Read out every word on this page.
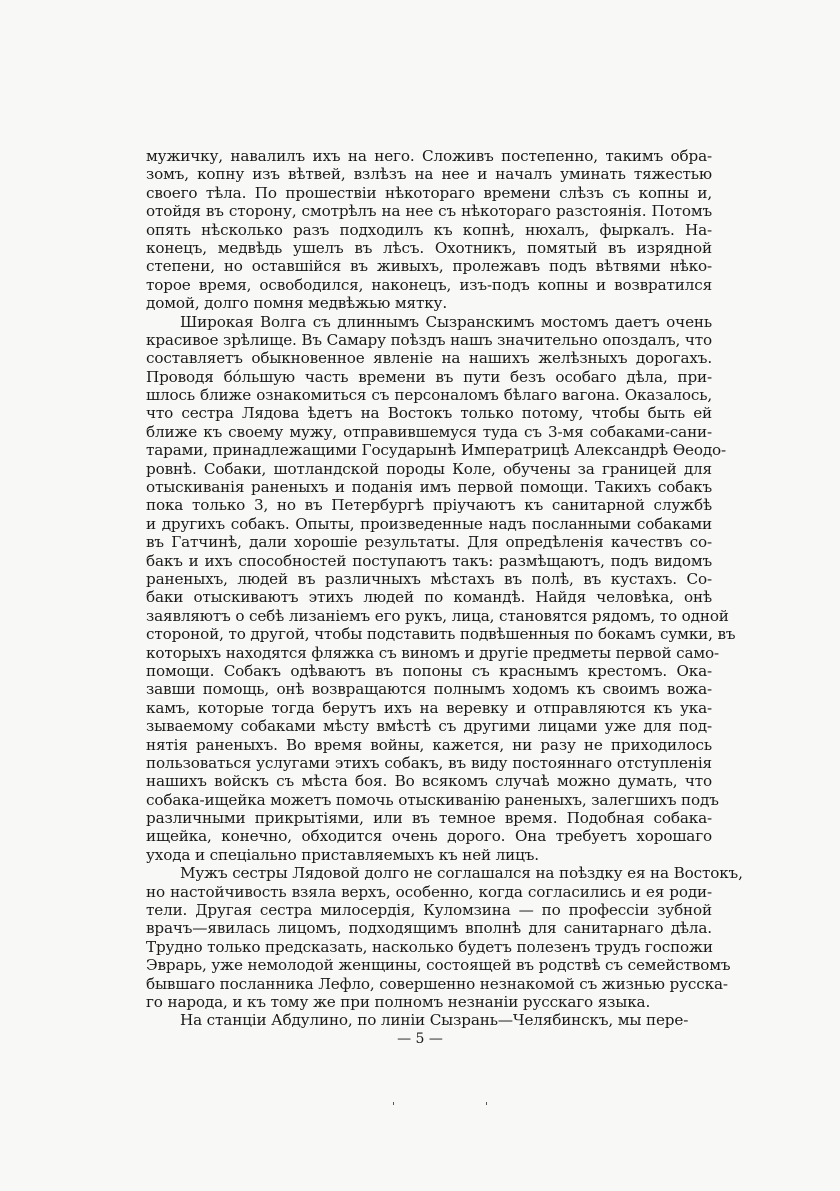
мужичку, навалилъ ихъ на него. Сложивъ постепенно, такимъ обра-
зомъ, копну изъ вѣтвей, взлѣзъ на нее и началъ уминать тяжестью
своего тѣла. По прошествіи нѣкотораго времени слѣзъ съ копны и,
отойдя въ сторону, смотрѣлъ на нее съ нѣкотораго разстоянія. Потомъ
опять нѣсколько разъ подходилъ къ копнѣ, нюхалъ, фыркалъ. На-
конецъ, медвѣдь ушелъ въ лѣсъ. Охотникъ, помятый въ изрядной
степени, но оставшійся въ живыхъ, пролежавъ подъ вѣтвями нѣко-
торое время, освободился, наконецъ, изъ-подъ копны и возвратился
домой, долго помня медвѣжью мятку.
Широкая Волга съ длиннымъ Сызранскимъ мостомъ даетъ очень
красивое зрѣлище. Въ Самару поѣздъ нашъ значительно опоздалъ, что
составляетъ обыкновенное явленіе на нашихъ желѣзныхъ дорогахъ.
Проводя бóльшую часть времени въ пути безъ особаго дѣла, при-
шлось ближе ознакомиться съ персоналомъ бѣлаго вагона. Оказалось,
что сестра Лядова ѣдетъ на Востокъ только потому, чтобы быть ей
ближе къ своему мужу, отправившемуся туда съ 3-мя собаками-сани-
тарами, принадлежащими Государынѣ Императрицѣ Александрѣ Ѳеодо-
ровнѣ. Собаки, шотландской породы Коле, обучены за границей для
отыскиванія раненыхъ и поданія имъ первой помощи. Такихъ собакъ
пока только 3, но въ Петербургѣ пріучаютъ къ санитарной службѣ
и другихъ собакъ. Опыты, произведенные надъ посланными собаками
въ Гатчинѣ, дали хорошіе результаты. Для опредѣленія качествъ со-
бакъ и ихъ способностей поступаютъ такъ: размѣщаютъ, подъ видомъ
раненыхъ, людей въ различныхъ мѣстахъ въ полѣ, въ кустахъ. Со-
баки отыскиваютъ этихъ людей по командѣ. Найдя человѣка, онѣ
заявляютъ о себѣ лизаніемъ его рукъ, лица, становятся рядомъ, то одной
стороной, то другой, чтобы подставить подвѣшенныя по бокамъ сумки, въ
которыхъ находятся фляжка съ виномъ и другіе предметы первой само-
помощи. Собакъ одѣваютъ въ попоны съ краснымъ крестомъ. Ока-
завши помощь, онѣ возвращаются полнымъ ходомъ къ своимъ вожа-
камъ, которые тогда берутъ ихъ на веревку и отправляются къ ука-
зываемому собаками мѣсту вмѣстѣ съ другими лицами уже для под-
нятія раненыхъ. Во время войны, кажется, ни разу не приходилось
пользоваться услугами этихъ собакъ, въ виду постояннаго отступленія
нашихъ войскъ съ мѣста боя. Во всякомъ случаѣ можно думать, что
собака-ищейка можетъ помочь отыскиванію раненыхъ, залегшихъ подъ
различными прикрытіями, или въ темное время. Подобная собака-
ищейка, конечно, обходится очень дорого. Она требуетъ хорошаго
ухода и спеціально приставляемыхъ къ ней лицъ.
Мужъ сестры Лядовой долго не соглашался на поѣздку ея на Востокъ,
но настойчивость взяла верхъ, особенно, когда согласились и ея роди-
тели. Другая сестра милосердія, Куломзина — по профессіи зубной
врачъ—явилась лицомъ, подходящимъ вполнѣ для санитарнаго дѣла.
Трудно только предсказать, насколько будетъ полезенъ трудъ госпожи
Эврарь, уже немолодой женщины, состоящей въ родствѣ съ семействомъ
бывшаго посланника Лефло, совершенно незнакомой съ жизнью русска-
го народа, и къ тому же при полномъ незнаніи русскаго языка.
На станціи Абдулино, по линіи Сызрань—Челябинскъ, мы пере-
— 5 —
